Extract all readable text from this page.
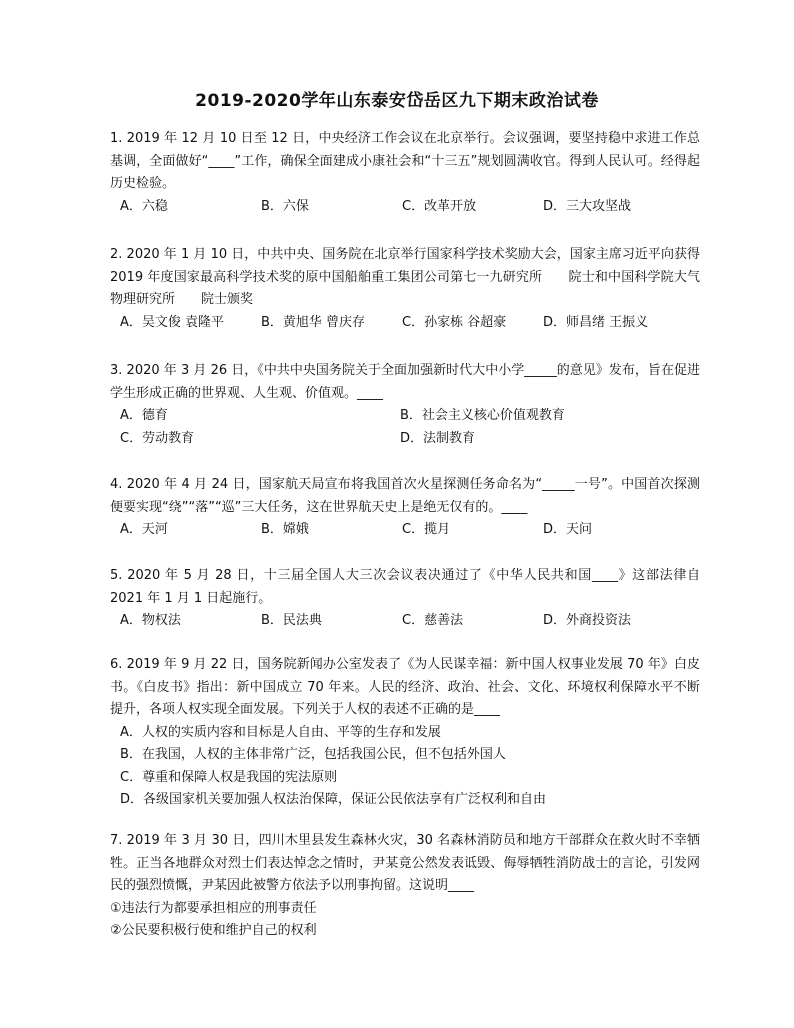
2019-2020学年山东泰安岱岳区九下期末政治试卷
1. 2019 年 12 月 10 日至 12 日，中央经济工作会议在北京举行。会议强调，要坚持稳中求进工作总基调，全面做好“____”工作，确保全面建成小康社会和“十三五”规划圆满收官。得到人民认可。经得起历史检验。
A．六稳	B．六保	C．改革开放	D．三大攻坚战
2. 2020 年 1 月 10 日，中共中央、国务院在北京举行国家科学技术奖励大会，国家主席习近平向获得 2019 年度国家最高科学技术奖的原中国船舶重工集团公司第七一九研究所　　院士和中国科学院大气物理研究所　　院士颁奖
A．吴文俊 袁隆平	B．黄旭华 曾庆存	C．孙家栋 谷超豪	D．师昌绪 王振义
3. 2020 年 3 月 26 日，《中共中央国务院关于全面加强新时代大中小学_____的意见》发布，旨在促进学生形成正确的世界观、人生观、价值观。____
A．德育	B．社会主义核心价值观教育
C．劳动教育	D．法制教育
4. 2020 年 4 月 24 日，国家航天局宣布将我国首次火星探测任务命名为“_____一号”。中国首次探测便要实现“绕”“落”“巡”三大任务，这在世界航天史上是绝无仅有的。____
A．天河	B．嫦娥	C．揽月	D．天问
5. 2020 年 5 月 28 日，十三届全国人大三次会议表决通过了《中华人民共和国____》这部法律自 2021 年 1 月 1 日起施行。
A．物权法	B．民法典	C．慈善法	D．外商投资法
6. 2019 年 9 月 22 日，国务院新闻办公室发表了《为人民谋幸福：新中国人权事业发展 70 年》白皮书。《白皮书》指出：新中国成立 70 年来。人民的经济、政治、社会、文化、环境权利保障水平不断提升，各项人权实现全面发展。下列关于人权的表述不正确的是____
A．人权的实质内容和目标是人自由、平等的生存和发展
B．在我国，人权的主体非常广泛，包括我国公民，但不包括外国人
C．尊重和保障人权是我国的宪法原则
D．各级国家机关要加强人权法治保障，保证公民依法享有广泛权利和自由
7. 2019 年 3 月 30 日，四川木里县发生森林火灾，30 名森林消防员和地方干部群众在救火时不幸牺牲。正当各地群众对烈士们表达悼念之情时，尹某竟公然发表诋毁、侮辱牺牲消防战士的言论，引发网民的强烈愤慨，尹某因此被警方依法予以刑事拘留。这说明____
①违法行为都要承担相应的刑事责任
②公民要积极行使和维护自己的权利
